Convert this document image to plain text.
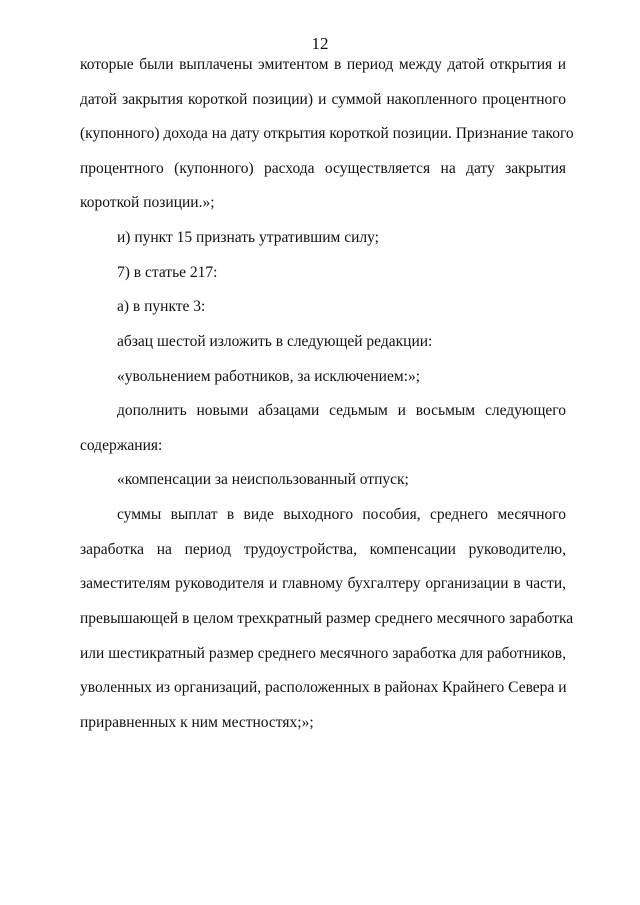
12
которые были выплачены эмитентом в период между датой открытия и
датой закрытия короткой позиции) и суммой накопленного процентного
(купонного) дохода на дату открытия короткой позиции. Признание такого
процентного (купонного) расхода осуществляется на дату закрытия
короткой позиции.»;
и) пункт 15 признать утратившим силу;
7) в статье 217:
а) в пункте 3:
абзац шестой изложить в следующей редакции:
«увольнением работников, за исключением:»;
дополнить новыми абзацами седьмым и восьмым следующего
содержания:
«компенсации за неиспользованный отпуск;
суммы выплат в виде выходного пособия, среднего месячного
заработка на период трудоустройства, компенсации руководителю,
заместителям руководителя и главному бухгалтеру организации в части,
превышающей в целом трехкратный размер среднего месячного заработка
или шестикратный размер среднего месячного заработка для работников,
уволенных из организаций, расположенных в районах Крайнего Севера и
приравненных к ним местностях;»;
